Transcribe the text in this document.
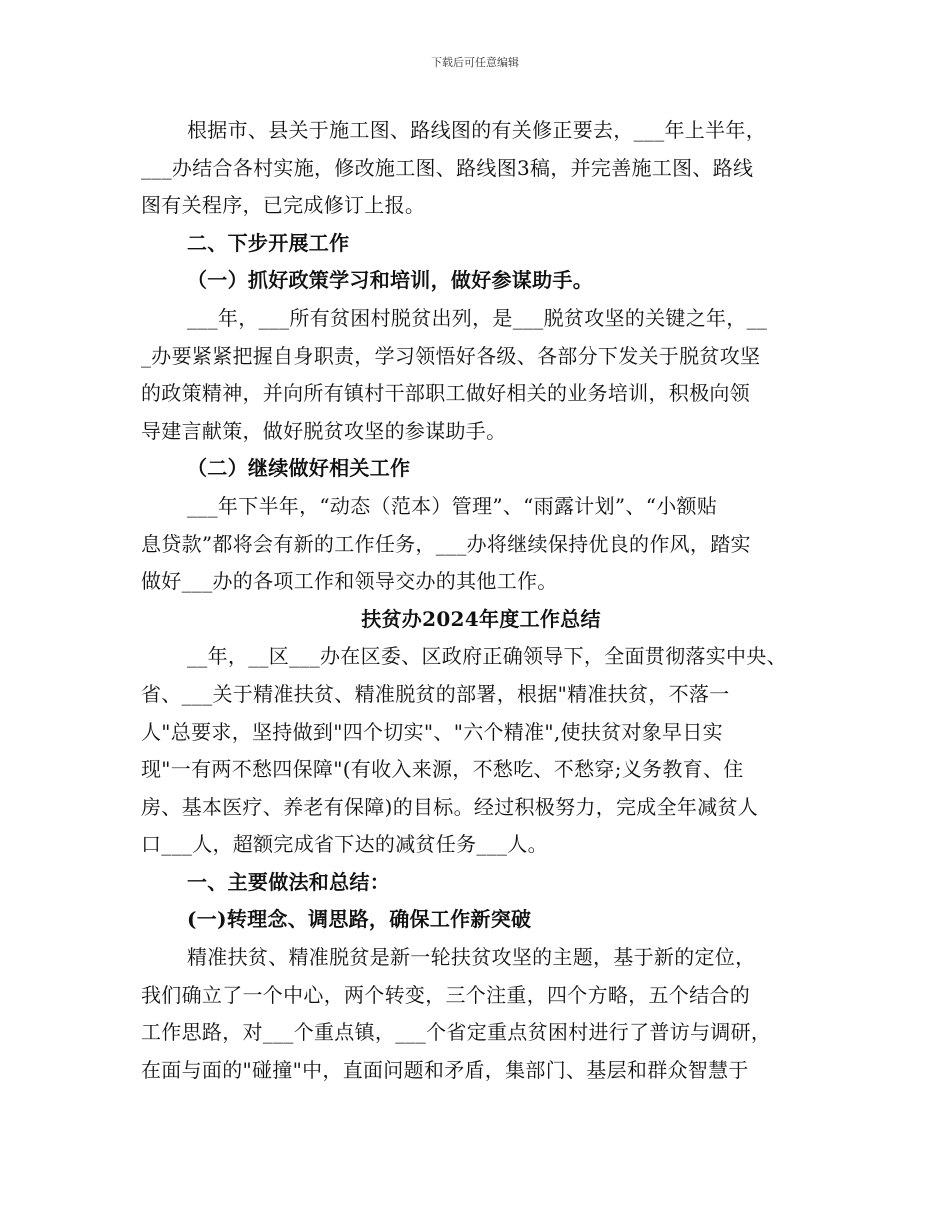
下载后可任意编辑
根据市、县关于施工图、路线图的有关修正要去，___年上半年，
___办结合各村实施，修改施工图、路线图3稿，并完善施工图、路线
图有关程序，已完成修订上报。
二、下步开展工作
（一）抓好政策学习和培训，做好参谋助手。
___年，___所有贫困村脱贫出列，是___脱贫攻坚的关键之年，__
_办要紧紧把握自身职责，学习领悟好各级、各部分下发关于脱贫攻坚
的政策精神，并向所有镇村干部职工做好相关的业务培训，积极向领
导建言献策，做好脱贫攻坚的参谋助手。
（二）继续做好相关工作
___年下半年，“动态（范本）管理”、“雨露计划”、“小额贴
息贷款”都将会有新的工作任务，___办将继续保持优良的作风，踏实
做好___办的各项工作和领导交办的其他工作。
扶贫办2024年度工作总结
__年，__区___办在区委、区政府正确领导下，全面贯彻落实中央、
省、___关于精准扶贫、精准脱贫的部署，根据"精准扶贫，不落一
人"总要求，坚持做到"四个切实"、"六个精准",使扶贫对象早日实
现"一有两不愁四保障"(有收入来源，不愁吃、不愁穿;义务教育、住
房、基本医疗、养老有保障)的目标。经过积极努力，完成全年减贫人
口___人，超额完成省下达的减贫任务___人。
一、主要做法和总结：
(一)转理念、调思路，确保工作新突破
精准扶贫、精准脱贫是新一轮扶贫攻坚的主题，基于新的定位，
我们确立了一个中心，两个转变，三个注重，四个方略，五个结合的
工作思路，对___个重点镇，___个省定重点贫困村进行了普访与调研，
在面与面的"碰撞"中，直面问题和矛盾，集部门、基层和群众智慧于
